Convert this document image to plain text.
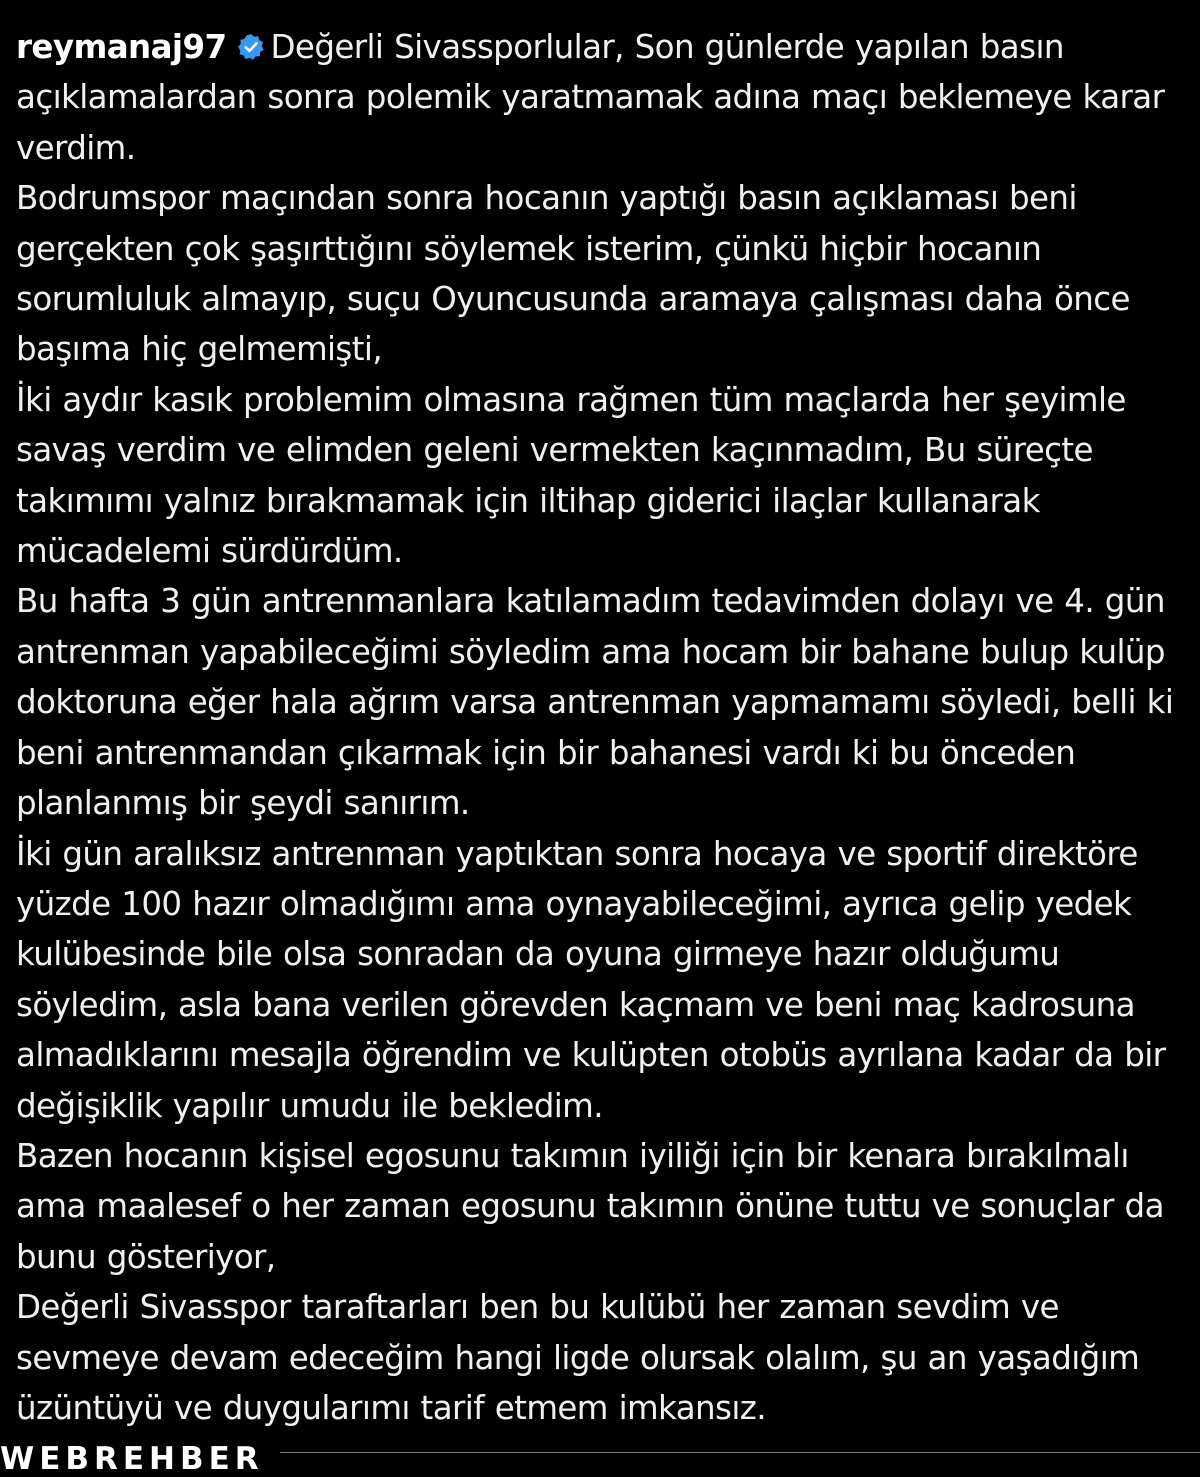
reymanaj97 Değerli Sivassporlular, Son günlerde yapılan basın açıklamalardan sonra polemik yaratmamak adına maçı beklemeye karar verdim.

Bodrumspor maçından sonra hocanın yaptığı basın açıklaması beni gerçekten çok şaşırttığını söylemek isterim, çünkü hiçbir hocanın sorumluluk almayıp, suçu Oyuncusunda aramaya çalışması daha önce başıma hiç gelmemişti,

İki aydır kasık problemim olmasına rağmen tüm maçlarda her şeyimle savaş verdim ve elimden geleni vermekten kaçınmadım, Bu süreçte takımımı yalnız bırakmamak için iltihap giderici ilaçlar kullanarak mücadelemi sürdürdüm.

Bu hafta 3 gün antrenmanlara katılamadım tedavimden dolayı ve 4. gün antrenman yapabileceğimi söyledim ama hocam bir bahane bulup kulüp doktoruna eğer hala ağrım varsa antrenman yapmamamı söyledi, belli ki beni antrenmandan çıkarmak için bir bahanesi vardı ki bu önceden planlanmış bir şeydi sanırım.

İki gün aralıksız antrenman yaptıktan sonra hocaya ve sportif direktöre yüzde 100 hazır olmadığımı ama oynayabileceğimi, ayrıca gelip yedek kulübesinde bile olsa sonradan da oyuna girmeye hazır olduğumu söyledim, asla bana verilen görevden kaçmam ve beni maç kadrosuna almadıklarını mesajla öğrendim ve kulüpten otobüs ayrılana kadar da bir değişiklik yapılır umudu ile bekledim.

Bazen hocanın kişisel egosunu takımın iyiliği için bir kenara bırakılmalı ama maalesef o her zaman egosunu takımın önüne tuttu ve sonuçlar da bunu gösteriyor,

Değerli Sivasspor taraftarları ben bu kulübü her zaman sevdim ve sevmeye devam edeceğim hangi ligde olursak olalım, şu an yaşadığım üzüntüyü ve duygularımı tarif etmem imkansız.

WEBREHBER
